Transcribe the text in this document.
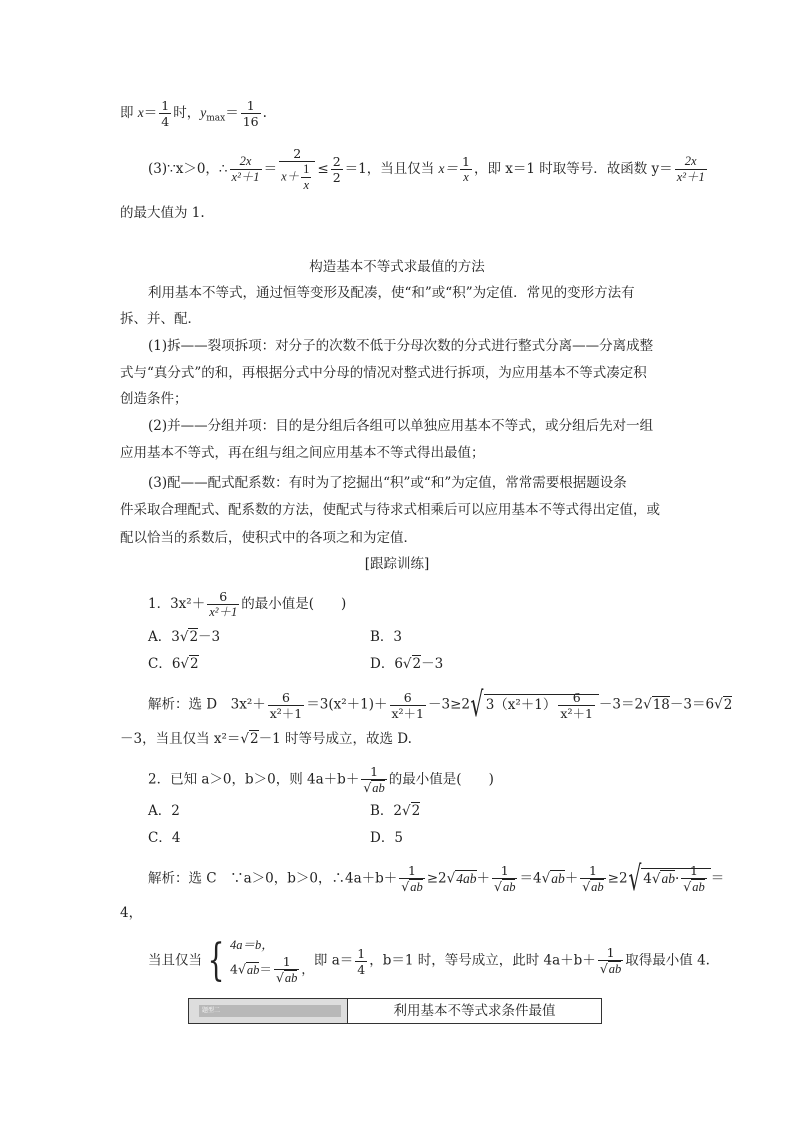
即 $x= \frac{1}{4}$ 时，$y_{max}= \frac{1}{16}$ .
(3)∵x＞0，∴ $\frac{2x}{\text{x²＋1}} = \frac{2}{x+ \frac{1}{x}} \le \frac{2}{2} =1$，当且仅当 $x= \frac{1}{x}$ ，即 x＝1 时取等号．故函数 $y= \frac{2x}{\text{x²＋1}}$
的最大值为 1.
构造基本不等式求最值的方法
利用基本不等式，通过恒等变形及配凑，使“和”或“积”为定值．常见的变形方法有
拆、并、配．
(1)拆——裂项拆项：对分子的次数不低于分母次数的分式进行整式分离——分离成整
式与“真分式”的和，再根据分式中分母的情况对整式进行拆项，为应用基本不等式凑定积
创造条件；
(2)并——分组并项：目的是分组后各组可以单独应用基本不等式，或分组后先对一组
应用基本不等式，再在组与组之间应用基本不等式得出最值；
(3)配——配式配系数：有时为了挖掘出“积”或“和”为定值，常常需要根据题设条
件采取合理配式、配系数的方法，使配式与待求式相乘后可以应用基本不等式得出定值，或
配以恰当的系数后，使积式中的各项之和为定值．
[跟踪训练]
1．$3x^2+ \frac{6}{\text{x²＋1}}$ 的最小值是(　　)
A．3√2－3	B．3
C．6√2	D．6√2－3
解析：选 D　$3x^2+ \frac{6}{\text{x²＋1}} =3(x^2+1)+ \frac{6}{\text{x²＋1}} -3\ge 2√$ $3(x^2+1) \frac{6}{\text{x²＋1}} -3=2√18-3=6√2$
－3，当且仅当 x²＝√2－1 时等号成立，故选 D.
2．已知 a＞0，b＞0，则 $4a+b+ \frac{1}{√ab}$ 的最小值是(　　)
A．2	B．2√2
C．4	D．5
解析：选 C　∵a＞0，b＞0，∴4a＋b＋ $\frac{1}{√ab} \ge 2√4ab+ \frac{1}{√ab} =4√ab+ \frac{1}{√ab} \ge 2√$ $4√ab\cdot \frac{1}{√ab}$ ＝
4，
当且仅当 { 4a＝b，
$4√ab= \frac{1}{√ab}$ ，
即 $a= \frac{1}{4}$ ，b＝1 时，等号成立，此时 $4a+b+ \frac{1}{√ab}$ 取得最小值 4.
题型二	利用基本不等式求条件最值
